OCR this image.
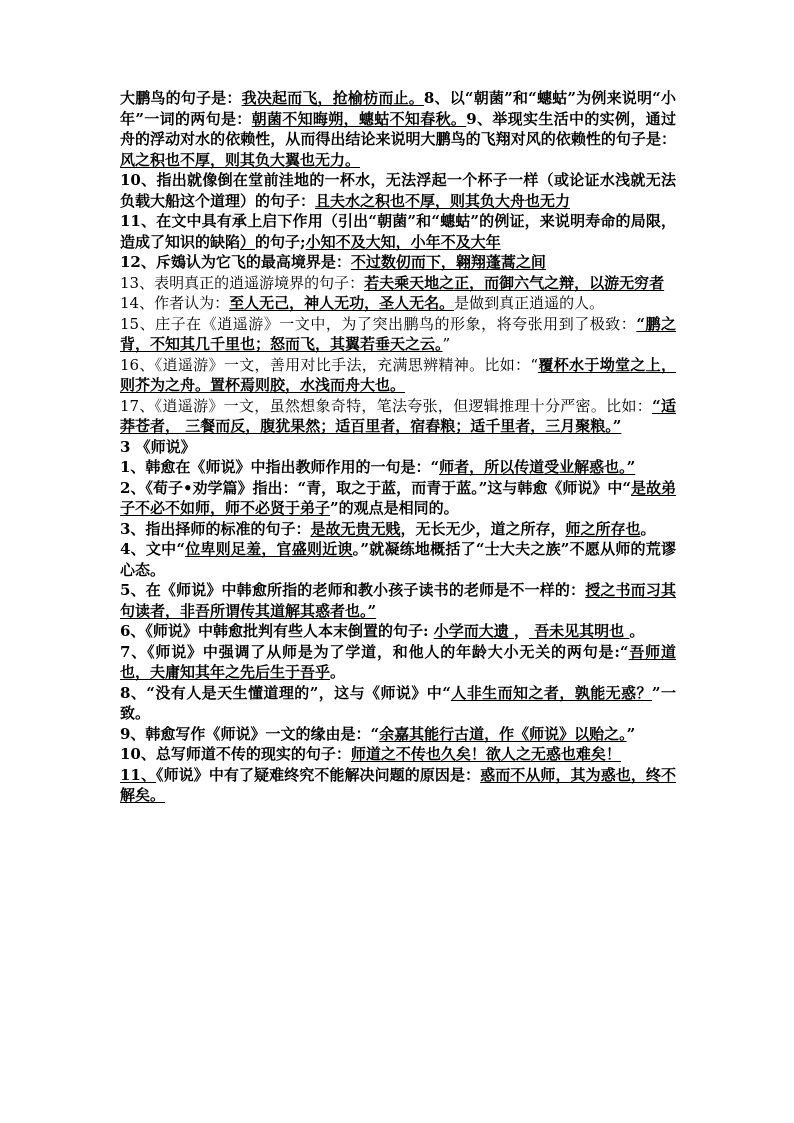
大鹏鸟的句子是：我决起而飞，抢榆枋而止。8、以“朝菌”和“蟪蛄”为例来说明“小年”一词的两句是：朝菌不知晦朔，蟪蛄不知春秋。9、举现实生活中的实例，通过舟的浮动对水的依赖性，从而得出结论来说明大鹏鸟的飞翔对风的依赖性的句子是：风之积也不厚，则其负大翼也无力。

10、指出就像倒在堂前洼地的一杯水，无法浮起一个杯子一样（或论证水浅就无法负载大船这个道理）的句子：且夫水之积也不厚，则其负大舟也无力

11、在文中具有承上启下作用（引出“朝菌”和“蟪蛄”的例证，来说明寿命的局限，造成了知识的缺陷）的句子;小知不及大知，小年不及大年

12、斥鴳认为它飞的最高境界是：不过数仞而下，翱翔蓬蒿之间

13、表明真正的逍遥游境界的句子：若夫乘天地之正，而御六气之辩，以游无穷者

14、作者认为：至人无己，神人无功，圣人无名。是做到真正逍遥的人。

15、庄子在《逍遥游》一文中，为了突出鹏鸟的形象，将夸张用到了极致：“鹏之背，不知其几千里也；怒而飞，其翼若垂天之云。”

16、《逍遥游》一文，善用对比手法，充满思辨精神。比如：“覆杯水于坳堂之上，则芥为之舟。置杯焉则胶，水浅而舟大也。

17、《逍遥游》一文，虽然想象奇特，笔法夸张，但逻辑推理十分严密。比如：“适莽苍者， 三餐而反，腹犹果然；适百里者，宿舂粮；适千里者，三月聚粮。”

3 《师说》

1、韩愈在《师说》中指出教师作用的一句是：“师者，所以传道受业解惑也。”

2、《荀子•劝学篇》指出：“青，取之于蓝，而青于蓝。”这与韩愈《师说》中“是故弟子不必不如师，师不必贤于弟子”的观点是相同的。

3、指出择师的标准的句子：是故无贵无贱，无长无少，道之所存，师之所存也。

4、文中“位卑则足羞，官盛则近谀。”就凝练地概括了“士大夫之族”不愿从师的荒谬心态。

5、在《师说》中韩愈所指的老师和教小孩子读书的老师是不一样的：授之书而习其句读者，非吾所谓传其道解其惑者也。”

6、《师说》中韩愈批判有些人本末倒置的句子: 小学而大遗 ， 吾未见其明也 。

7、《师说》中强调了从师是为了学道，和他人的年龄大小无关的两句是:“吾师道也，夫庸知其年之先后生于吾乎。

8、“没有人是天生懂道理的”，这与《师说》中“人非生而知之者，孰能无惑？”一致。

9、韩愈写作《师说》一文的缘由是：“余嘉其能行古道，作《师说》以贻之。”

10、总写师道不传的现实的句子：师道之不传也久矣！欲人之无惑也难矣！

11、《师说》中有了疑难终究不能解决问题的原因是：惑而不从师，其为惑也，终不解矣。
